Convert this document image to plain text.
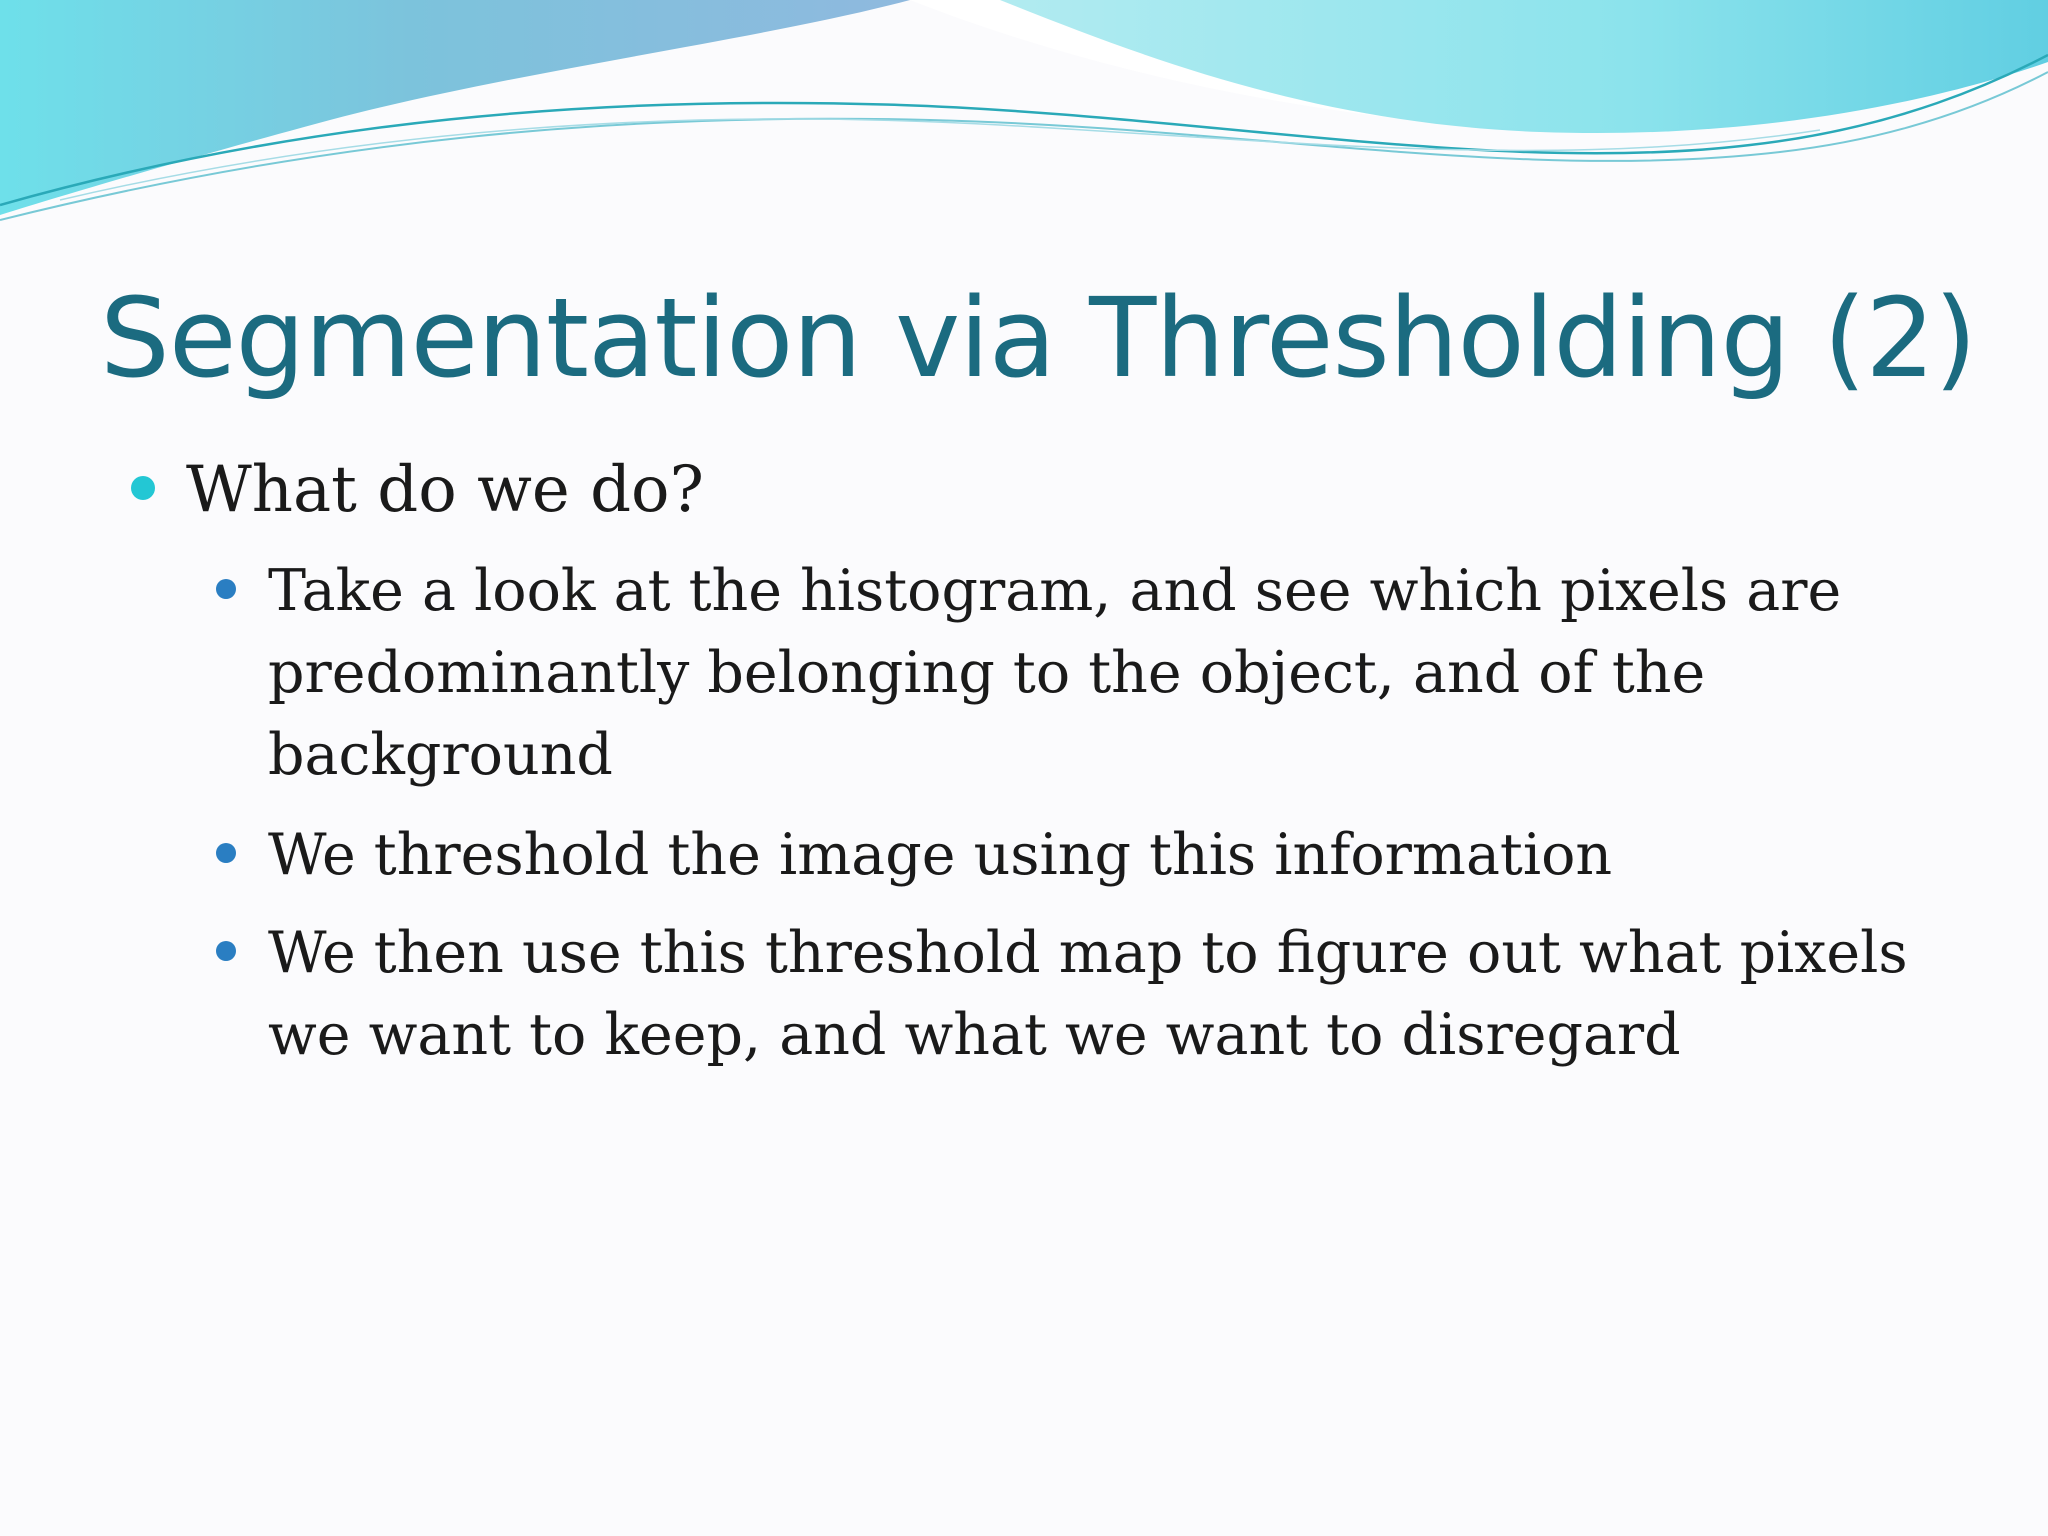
Segmentation via Thresholding (2)
What do we do?
Take a look at the histogram, and see which pixels are predominantly belonging to the object, and of the background
We threshold the image using this information
We then use this threshold map to figure out what pixels we want to keep, and what we want to disregard
